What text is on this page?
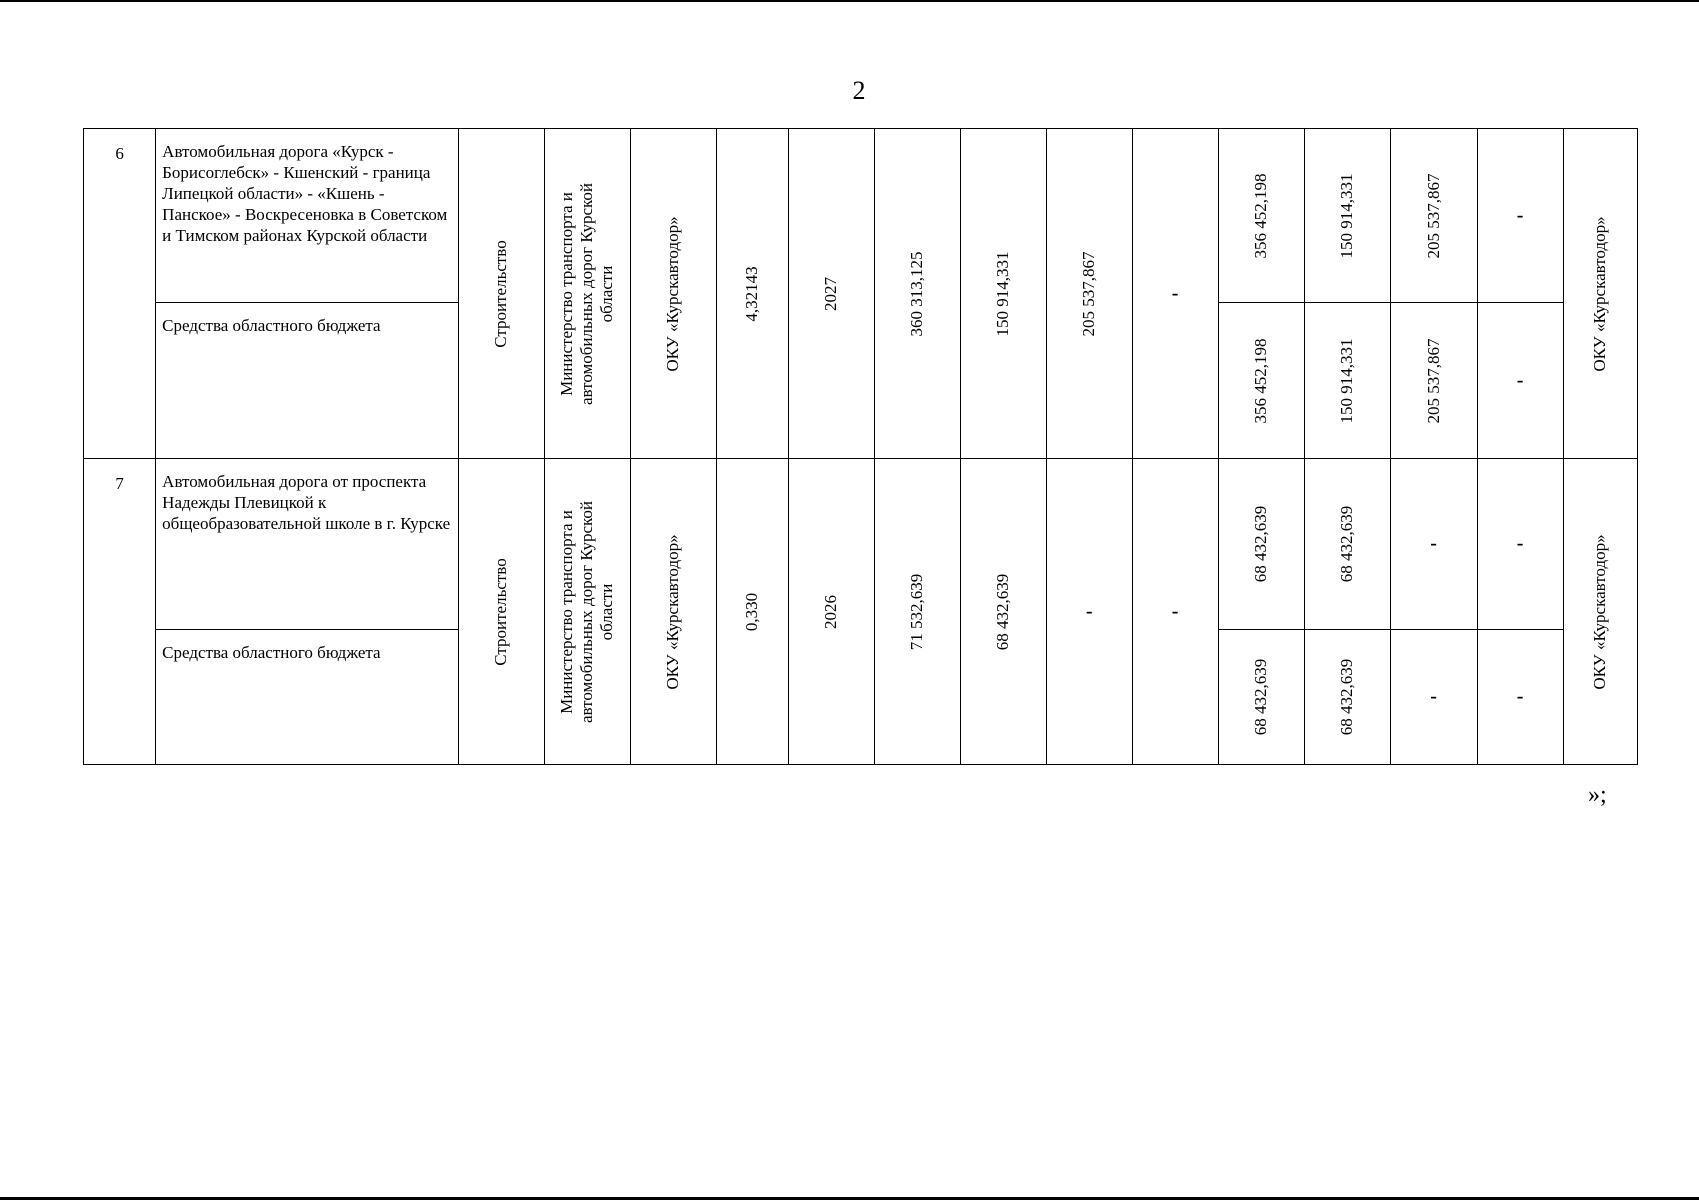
2
6	Автомобильная дорога «Курск - Борисоглебск» - Кшенский - граница Липецкой области» - «Кшень - Панское» - Воскресеновка в Советском и Тимском районах Курской области	Строительство	Министерство транспорта и автомобильных дорог Курской области	ОКУ «Курскавтодор»	4,32143	2027	360 313,125	150 914,331	205 537,867	-	356 452,198	150 914,331	205 537,867	-	ОКУ «Курскавтодор»

	Средства областного бюджета										356 452,198	150 914,331	205 537,867	-	

7	Автомобильная дорога от проспекта Надежды Плевицкой к общеобразовательной школе в г. Курске	Строительство	Министерство транспорта и автомобильных дорог Курской области	ОКУ «Курскавтодор»	0,330	2026	71 532,639	68 432,639	-	-	68 432,639	68 432,639	-	-	ОКУ «Курскавтодор»

	Средства областного бюджета										68 432,639	68 432,639	-	-	
»;
